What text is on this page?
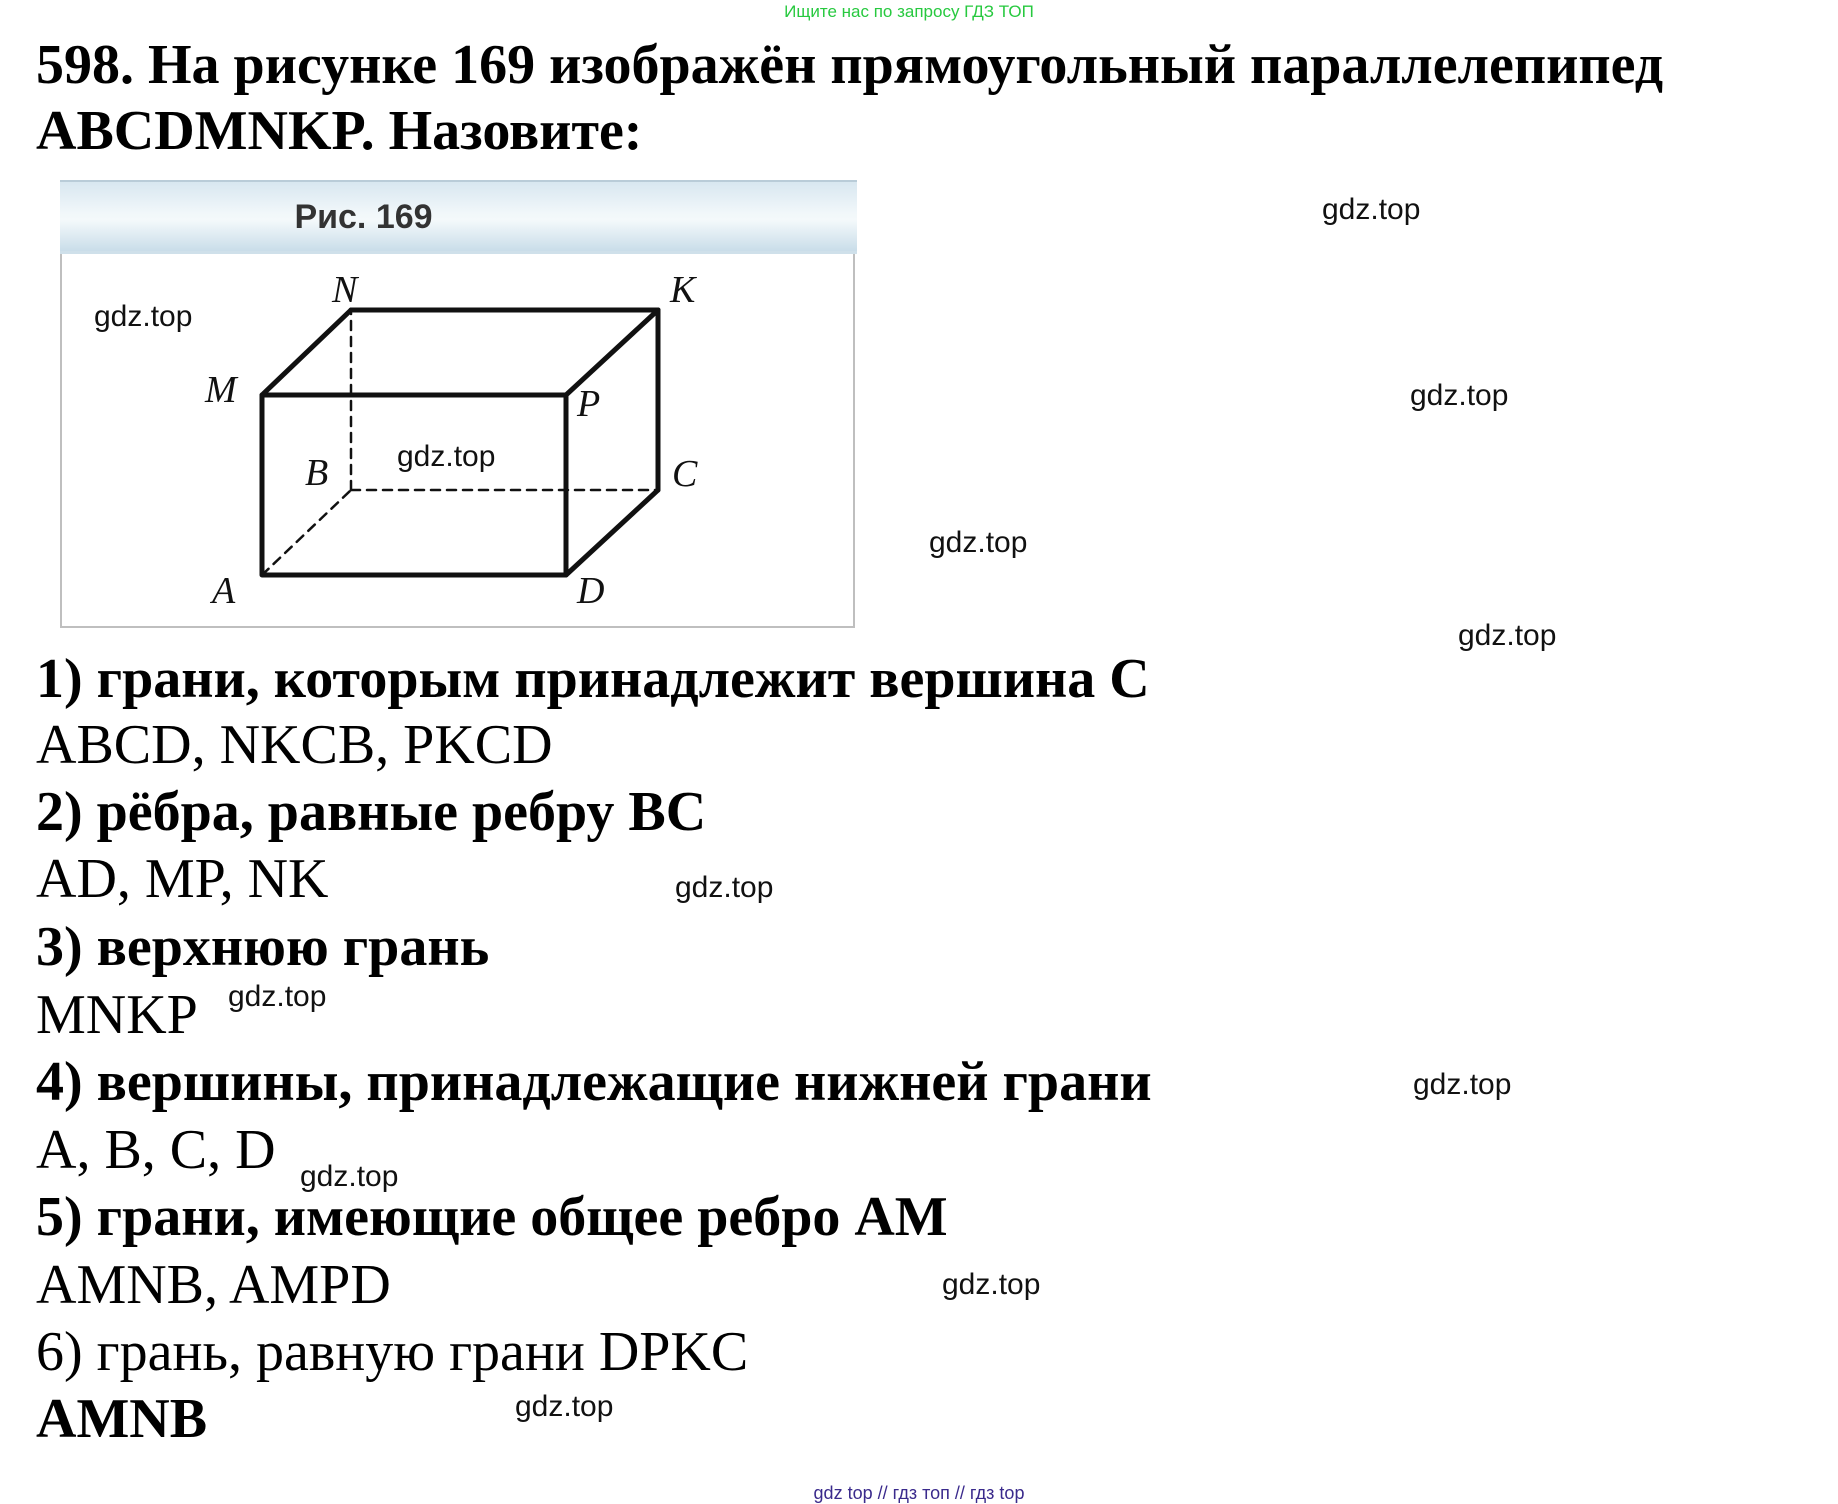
Ищите нас по запросу ГДЗ ТОП
598. На рисунке 169 изображён прямоугольный параллелепипед ABCDMNKP. Назовите:
Рис. 169
N	K
M	P
B	C
A	D

1) грани, которым принадлежит вершина С

ABCD, NKCB, PKCD

2) рёбра, равные ребру ВС

AD, MP, NK

3) верхнюю грань

MNKP

4) вершины, принадлежащие нижней грани

A, B, C, D

5) грани, имеющие общее ребро АМ

AMNB, AMPD

6) грань, равную грани DPKC

AMNB

gdz.top
gdz.top
gdz.top
gdz.top
gdz.top
gdz.top
gdz.top
gdz.top
gdz.top
gdz.top
gdz.top
gdz.top
gdz top // гдз топ // гдз top
